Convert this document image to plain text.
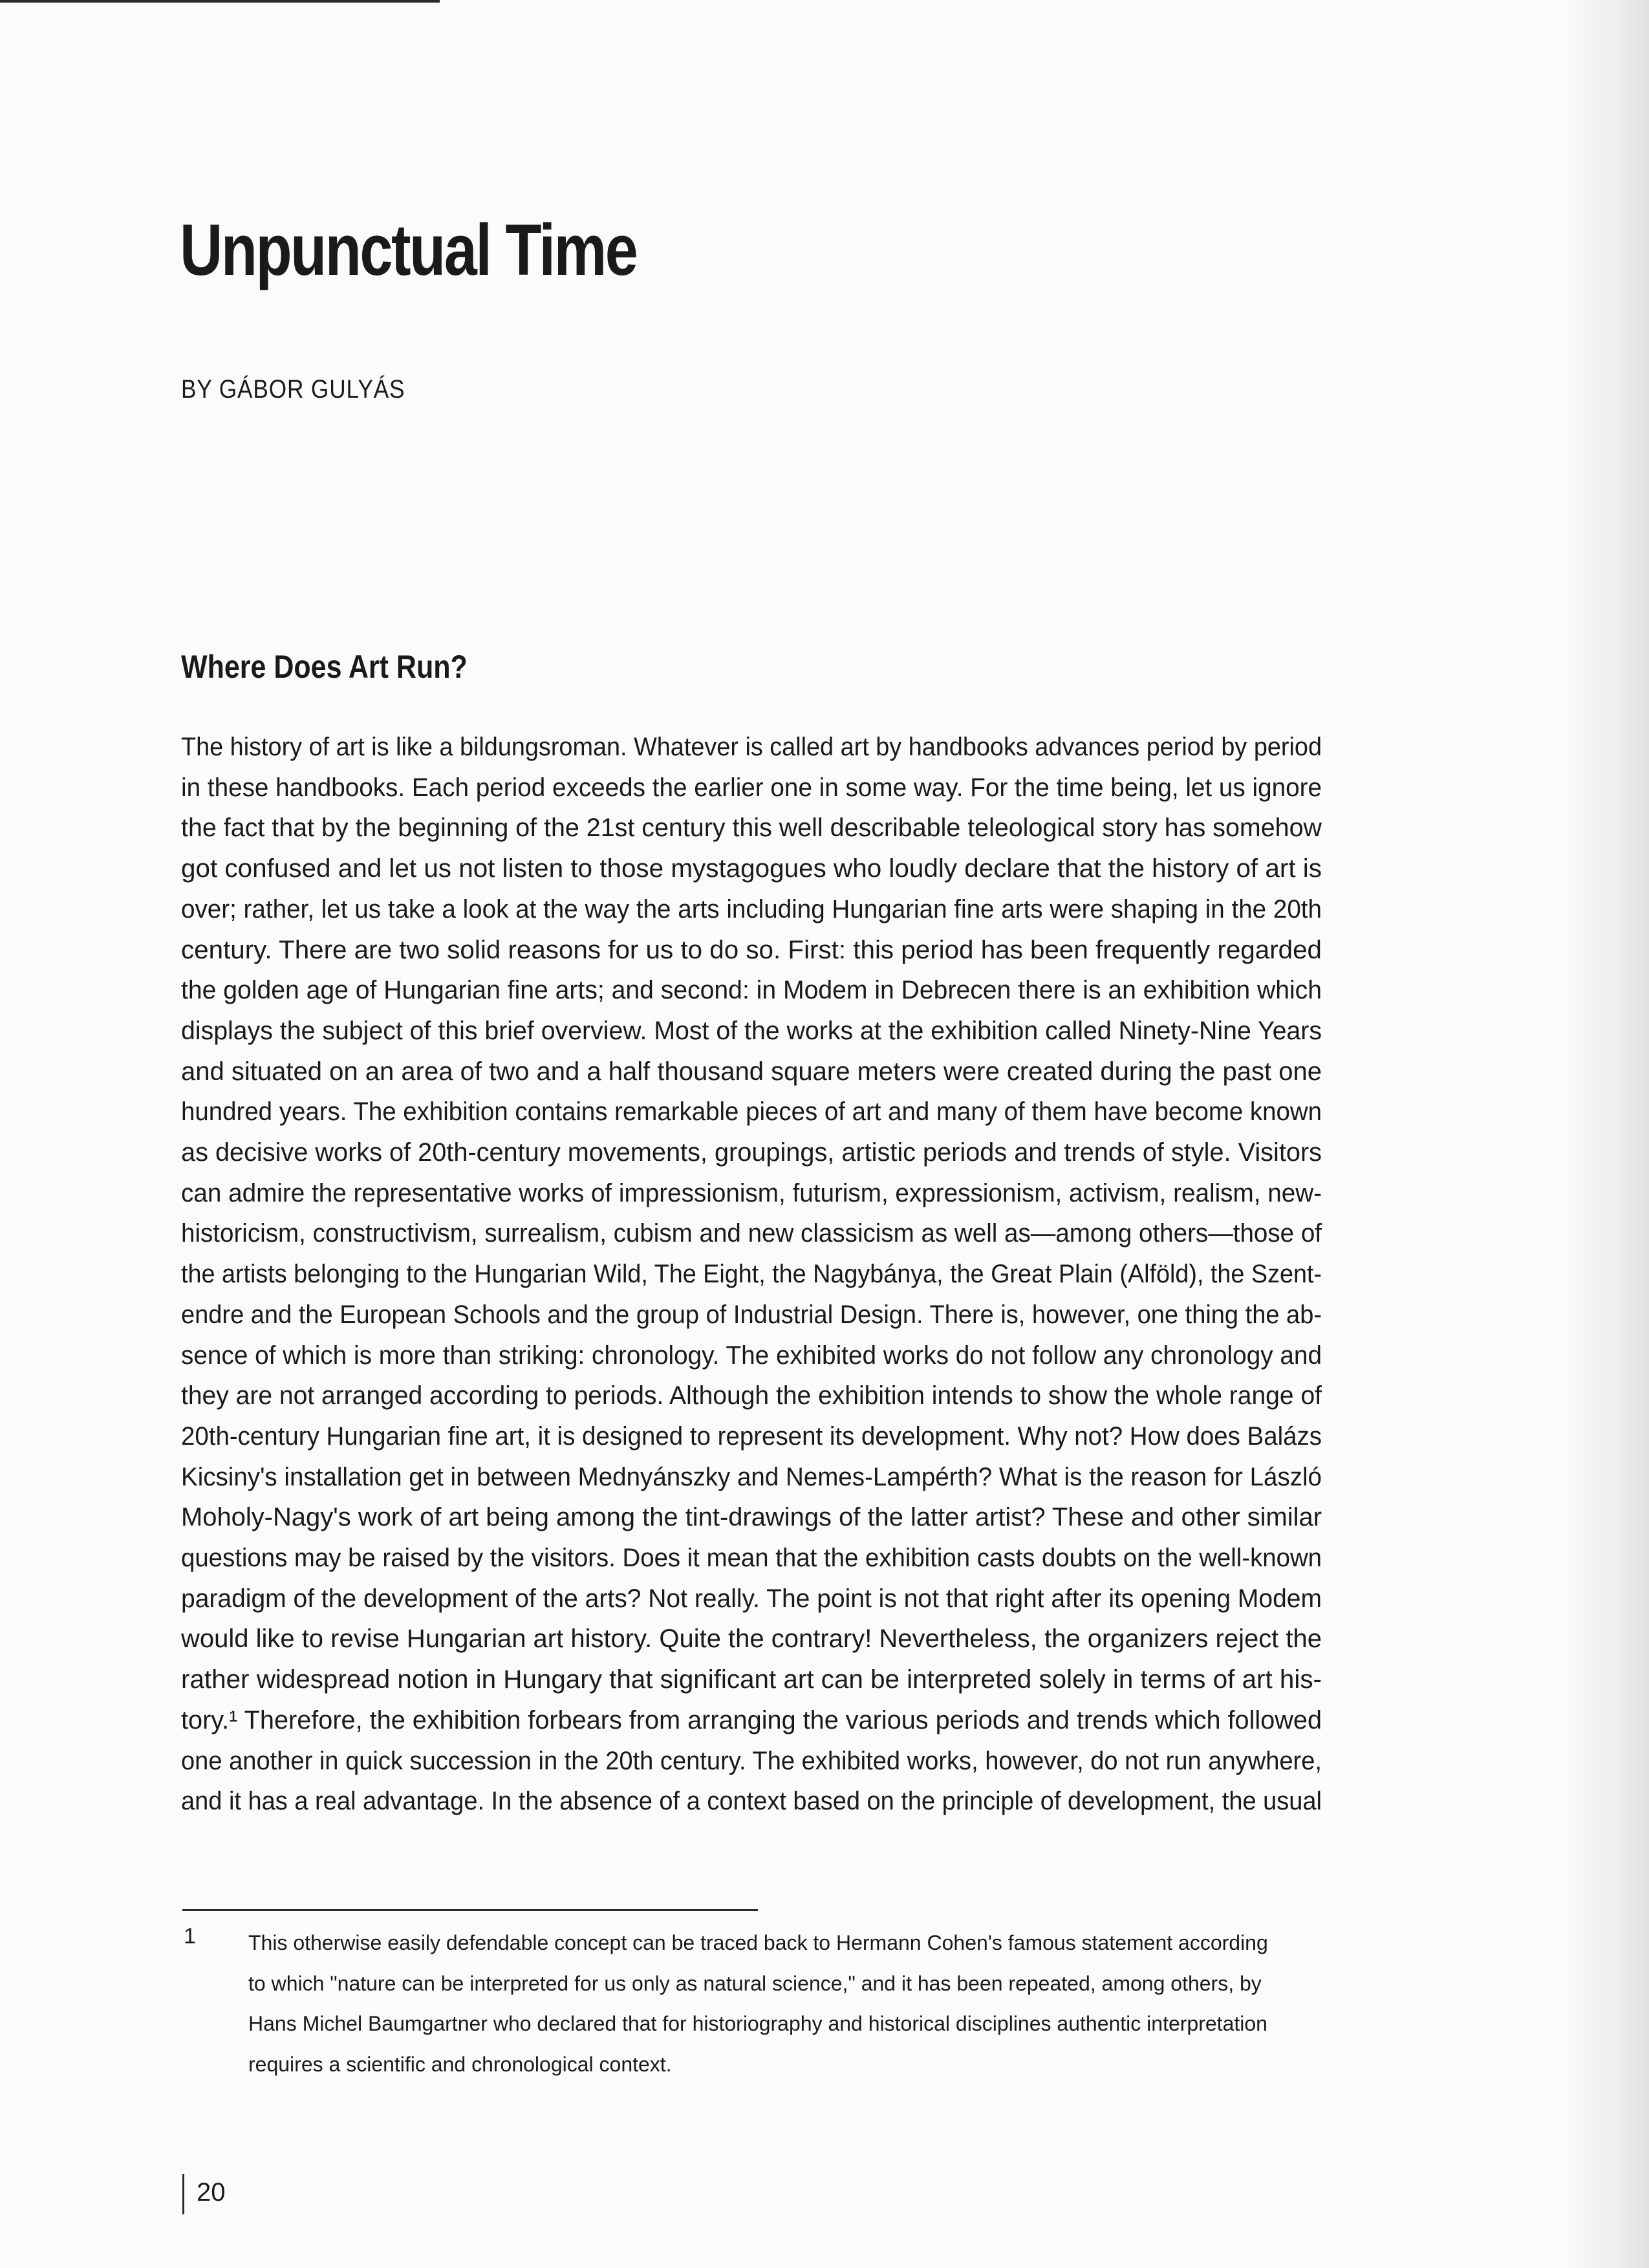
Unpunctual Time
BY GÁBOR GULYÁS
Where Does Art Run?
The history of art is like a bildungsroman. Whatever is called art by handbooks advances period by period
in these handbooks. Each period exceeds the earlier one in some way. For the time being, let us ignore
the fact that by the beginning of the 21st century this well describable teleological story has somehow
got confused and let us not listen to those mystagogues who loudly declare that the history of art is
over; rather, let us take a look at the way the arts including Hungarian fine arts were shaping in the 20th
century. There are two solid reasons for us to do so. First: this period has been frequently regarded
the golden age of Hungarian fine arts; and second: in Modem in Debrecen there is an exhibition which
displays the subject of this brief overview. Most of the works at the exhibition called Ninety-Nine Years
and situated on an area of two and a half thousand square meters were created during the past one
hundred years. The exhibition contains remarkable pieces of art and many of them have become known
as decisive works of 20th-century movements, groupings, artistic periods and trends of style. Visitors
can admire the representative works of impressionism, futurism, expressionism, activism, realism, new-
historicism, constructivism, surrealism, cubism and new classicism as well as—among others—those of
the artists belonging to the Hungarian Wild, The Eight, the Nagybánya, the Great Plain (Alföld), the Szent-
endre and the European Schools and the group of Industrial Design. There is, however, one thing the ab-
sence of which is more than striking: chronology. The exhibited works do not follow any chronology and
they are not arranged according to periods. Although the exhibition intends to show the whole range of
20th-century Hungarian fine art, it is designed to represent its development. Why not? How does Balázs
Kicsiny's installation get in between Mednyánszky and Nemes-Lampérth? What is the reason for László
Moholy-Nagy's work of art being among the tint-drawings of the latter artist? These and other similar
questions may be raised by the visitors. Does it mean that the exhibition casts doubts on the well-known
paradigm of the development of the arts? Not really. The point is not that right after its opening Modem
would like to revise Hungarian art history. Quite the contrary! Nevertheless, the organizers reject the
rather widespread notion in Hungary that significant art can be interpreted solely in terms of art his-
tory.¹ Therefore, the exhibition forbears from arranging the various periods and trends which followed
one another in quick succession in the 20th century. The exhibited works, however, do not run anywhere,
and it has a real advantage. In the absence of a context based on the principle of development, the usual
1	This otherwise easily defendable concept can be traced back to Hermann Cohen's famous statement according
to which "nature can be interpreted for us only as natural science," and it has been repeated, among others, by
Hans Michel Baumgartner who declared that for historiography and historical disciplines authentic interpretation
requires a scientific and chronological context.
20
